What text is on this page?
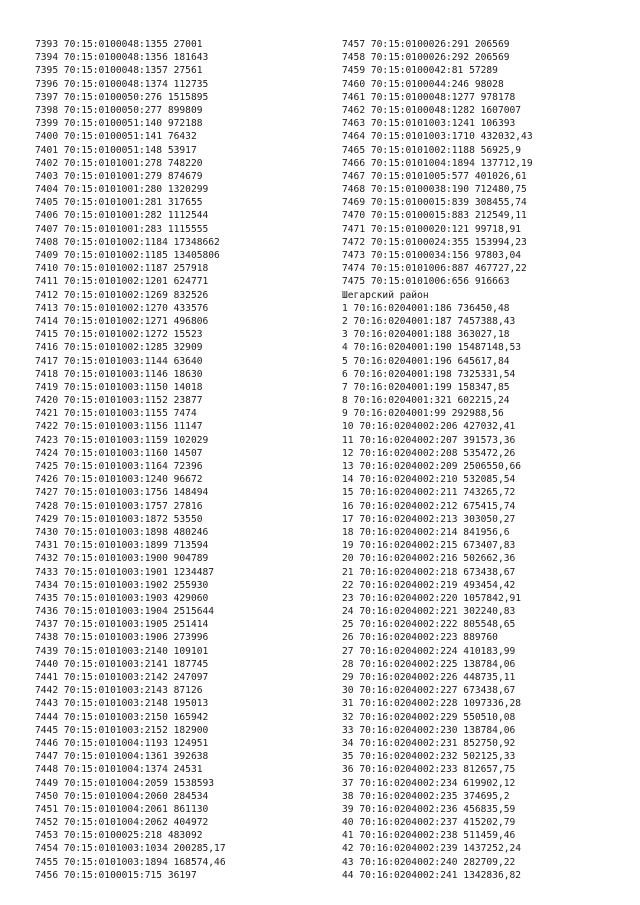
7393 70:15:0100048:1355 27001
7394 70:15:0100048:1356 181643
7395 70:15:0100048:1357 27561
7396 70:15:0100048:1374 112735
7397 70:15:0100050:276 1515895
7398 70:15:0100050:277 899809
7399 70:15:0100051:140 972188
7400 70:15:0100051:141 76432
7401 70:15:0100051:148 53917
7402 70:15:0101001:278 748220
7403 70:15:0101001:279 874679
7404 70:15:0101001:280 1320299
7405 70:15:0101001:281 317655
7406 70:15:0101001:282 1112544
7407 70:15:0101001:283 1115555
7408 70:15:0101002:1184 17348662
7409 70:15:0101002:1185 13405806
7410 70:15:0101002:1187 257918
7411 70:15:0101002:1201 624771
7412 70:15:0101002:1269 832526
7413 70:15:0101002:1270 433576
7414 70:15:0101002:1271 496806
7415 70:15:0101002:1272 15523
7416 70:15:0101002:1285 32909
7417 70:15:0101003:1144 63640
7418 70:15:0101003:1146 18630
7419 70:15:0101003:1150 14018
7420 70:15:0101003:1152 23877
7421 70:15:0101003:1155 7474
7422 70:15:0101003:1156 11147
7423 70:15:0101003:1159 102029
7424 70:15:0101003:1160 14507
7425 70:15:0101003:1164 72396
7426 70:15:0101003:1240 96672
7427 70:15:0101003:1756 148494
7428 70:15:0101003:1757 27816
7429 70:15:0101003:1872 53550
7430 70:15:0101003:1898 480246
7431 70:15:0101003:1899 713594
7432 70:15:0101003:1900 904789
7433 70:15:0101003:1901 1234487
7434 70:15:0101003:1902 255930
7435 70:15:0101003:1903 429060
7436 70:15:0101003:1904 2515644
7437 70:15:0101003:1905 251414
7438 70:15:0101003:1906 273996
7439 70:15:0101003:2140 109101
7440 70:15:0101003:2141 187745
7441 70:15:0101003:2142 247097
7442 70:15:0101003:2143 87126
7443 70:15:0101003:2148 195013
7444 70:15:0101003:2150 165942
7445 70:15:0101003:2152 182900
7446 70:15:0101004:1193 124951
7447 70:15:0101004:1361 392638
7448 70:15:0101004:1374 24531
7449 70:15:0101004:2059 1538593
7450 70:15:0101004:2060 284534
7451 70:15:0101004:2061 861130
7452 70:15:0101004:2062 404972
7453 70:15:0100025:218 483092
7454 70:15:0101003:1034 200285,17
7455 70:15:0101003:1894 168574,46
7456 70:15:0100015:715 36197
7457 70:15:0100026:291 206569
7458 70:15:0100026:292 206569
7459 70:15:0100042:81 57289
7460 70:15:0100044:246 98028
7461 70:15:0100048:1277 978178
7462 70:15:0100048:1282 1607007
7463 70:15:0101003:1241 106393
7464 70:15:0101003:1710 432032,43
7465 70:15:0101002:1188 56925,9
7466 70:15:0101004:1894 137712,19
7467 70:15:0101005:577 401026,61
7468 70:15:0100038:190 712480,75
7469 70:15:0100015:839 308455,74
7470 70:15:0100015:883 212549,11
7471 70:15:0100020:121 99718,91
7472 70:15:0100024:355 153994,23
7473 70:15:0100034:156 97803,04
7474 70:15:0101006:887 467727,22
7475 70:15:0101006:656 916663
Шегарский район
1 70:16:0204001:186 736450,48
2 70:16:0204001:187 7457388,43
3 70:16:0204001:188 363027,18
4 70:16:0204001:190 15487148,53
5 70:16:0204001:196 645617,84
6 70:16:0204001:198 7325331,54
7 70:16:0204001:199 158347,85
8 70:16:0204001:321 602215,24
9 70:16:0204001:99 292988,56
10 70:16:0204002:206 427032,41
11 70:16:0204002:207 391573,36
12 70:16:0204002:208 535472,26
13 70:16:0204002:209 2506550,66
14 70:16:0204002:210 532085,54
15 70:16:0204002:211 743265,72
16 70:16:0204002:212 675415,74
17 70:16:0204002:213 303050,27
18 70:16:0204002:214 841956,6
19 70:16:0204002:215 673407,83
20 70:16:0204002:216 502662,36
21 70:16:0204002:218 673438,67
22 70:16:0204002:219 493454,42
23 70:16:0204002:220 1057842,91
24 70:16:0204002:221 302240,83
25 70:16:0204002:222 805548,65
26 70:16:0204002:223 889760
27 70:16:0204002:224 410183,99
28 70:16:0204002:225 138784,06
29 70:16:0204002:226 448735,11
30 70:16:0204002:227 673438,67
31 70:16:0204002:228 1097336,28
32 70:16:0204002:229 550510,08
33 70:16:0204002:230 138784,06
34 70:16:0204002:231 852750,92
35 70:16:0204002:232 502125,33
36 70:16:0204002:233 812657,75
37 70:16:0204002:234 619902,12
38 70:16:0204002:235 374695,2
39 70:16:0204002:236 456835,59
40 70:16:0204002:237 415202,79
41 70:16:0204002:238 511459,46
42 70:16:0204002:239 1437252,24
43 70:16:0204002:240 282709,22
44 70:16:0204002:241 1342836,82
